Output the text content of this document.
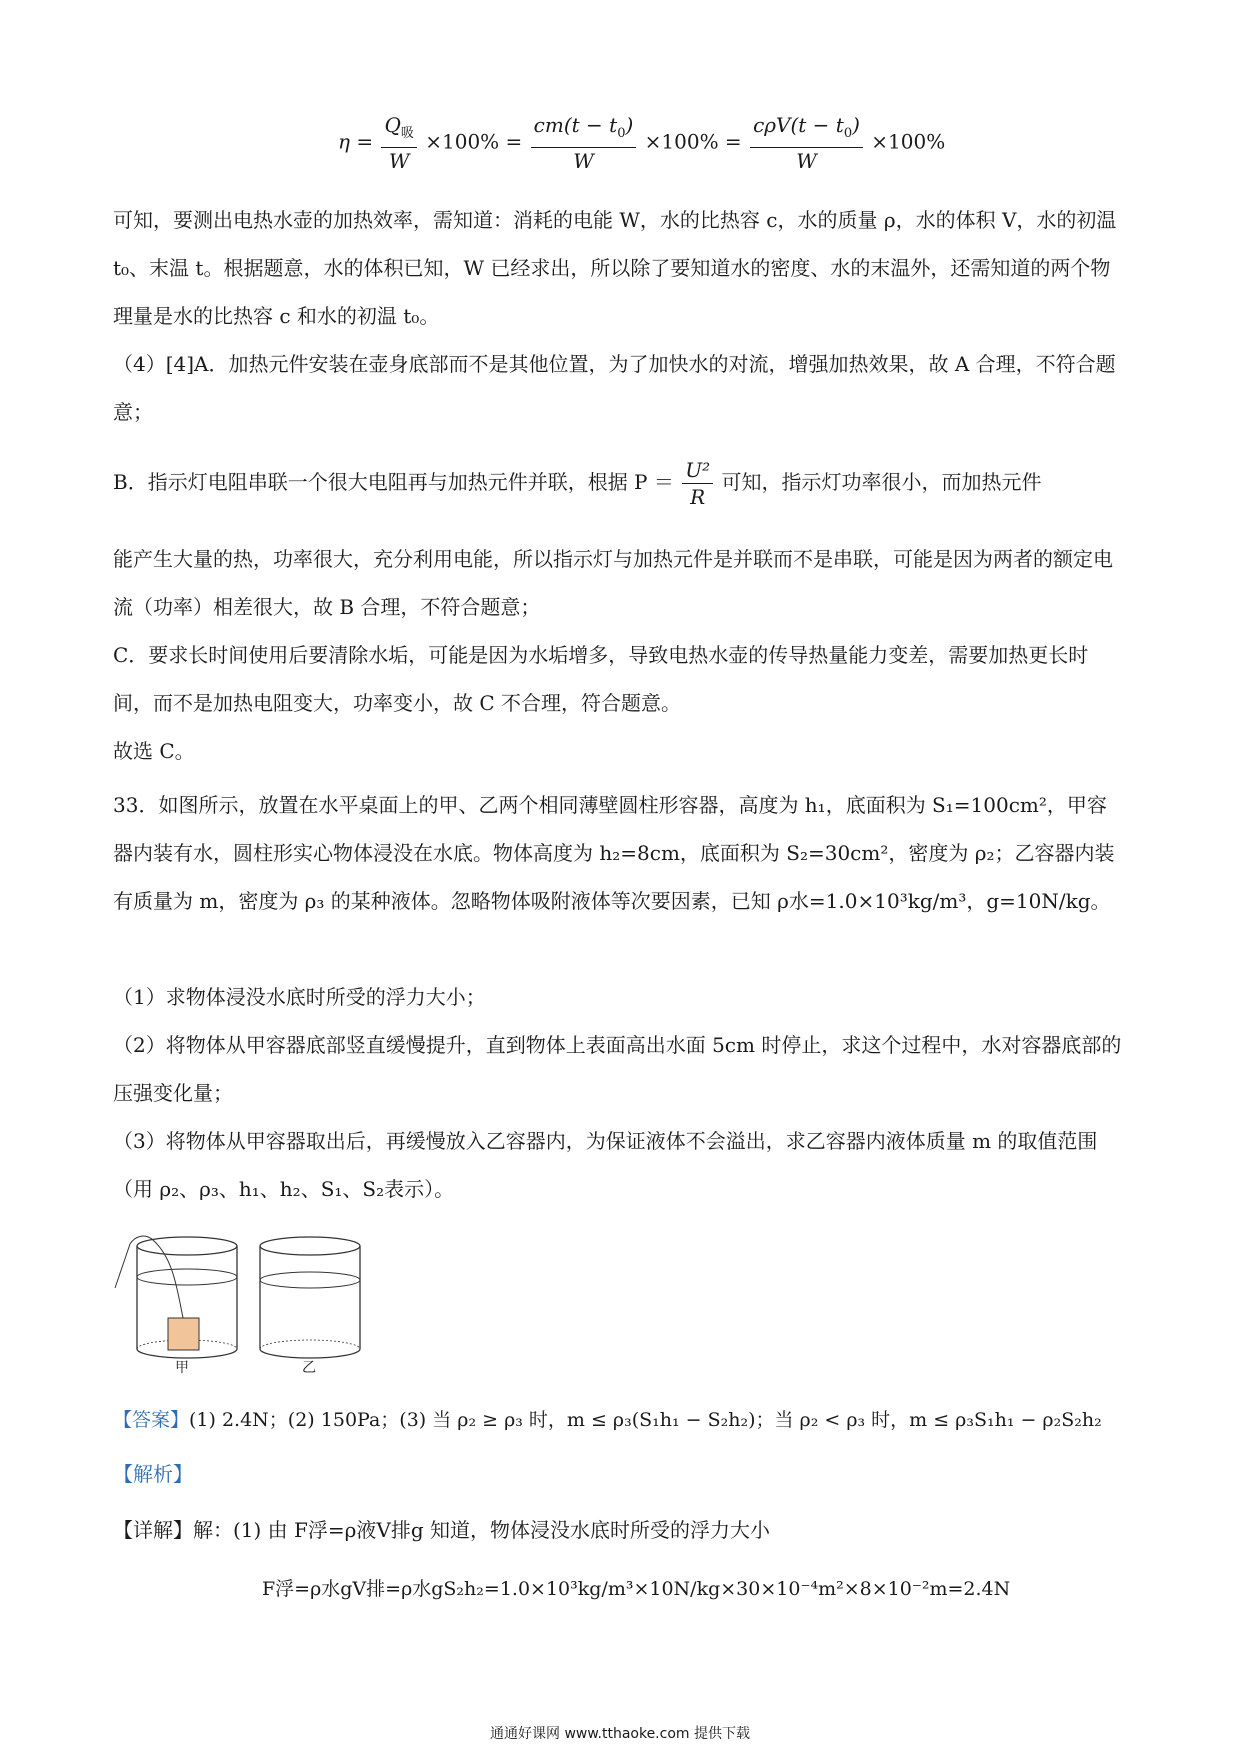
$\eta = \frac{Q_吸}{W} \times 100\% = \frac{cm(t - t_0)}{W} \times 100\% = \frac{c\rho V(t - t_0)}{W} \times 100\%$

可知，要测出电热水壶的加热效率，需知道：消耗的电能 W，水的比热容 c，水的质量 ρ，水的体积 V，水的初温 t₀、末温 t。根据题意，水的体积已知，W 已经求出，所以除了要知道水的密度、水的末温外，还需知道的两个物理量是水的比热容 c 和水的初温 t₀。

（4）[4]A．加热元件安装在壶身底部而不是其他位置，为了加快水的对流，增强加热效果，故 A 合理，不符合题意；

B．指示灯电阻串联一个很大电阻再与加热元件并联，根据 $P = \frac{\text{U²}}{R}$ 可知，指示灯功率很小，而加热元件

能产生大量的热，功率很大，充分利用电能，所以指示灯与加热元件是并联而不是串联，可能是因为两者的额定电流（功率）相差很大，故 B 合理，不符合题意；

C．要求长时间使用后要清除水垢，可能是因为水垢增多，导致电热水壶的传导热量能力变差，需要加热更长时间，而不是加热电阻变大，功率变小，故 C 不合理，符合题意。

故选 C。

33．如图所示，放置在水平桌面上的甲、乙两个相同薄壁圆柱形容器，高度为 h₁，底面积为 S₁=100cm²，甲容器内装有水，圆柱形实心物体浸没在水底。物体高度为 h₂=8cm，底面积为 S₂=30cm²，密度为 ρ₂；乙容器内装有质量为 m，密度为 ρ₃ 的某种液体。忽略物体吸附液体等次要因素，已知 ρ水=1.0×10³kg/m³，g=10N/kg。

（1）求物体浸没水底时所受的浮力大小；

（2）将物体从甲容器底部竖直缓慢提升，直到物体上表面高出水面 5cm 时停止，求这个过程中，水对容器底部的压强变化量；

（3）将物体从甲容器取出后，再缓慢放入乙容器内，为保证液体不会溢出，求乙容器内液体质量 m 的取值范围（用 ρ₂、ρ₃、h₁、h₂、S₁、S₂表示）。

甲	乙
【答案】(1) 2.4N；(2) 150Pa；(3) 当 ρ₂ ≥ ρ₃ 时，m ≤ ρ₃(S₁h₁ − S₂h₂)；当 ρ₂ < ρ₃ 时，m ≤ ρ₃S₁h₁ − ρ₂S₂h₂
【解析】
【详解】解：(1) 由 F浮=ρ液V排g 知道，物体浸没水底时所受的浮力大小
F浮=ρ水gV排=ρ水gS₂h₂=1.0×10³kg/m³×10N/kg×30×10⁻⁴m²×8×10⁻²m=2.4N
通通好课网 www.tthaoke.com 提供下载
